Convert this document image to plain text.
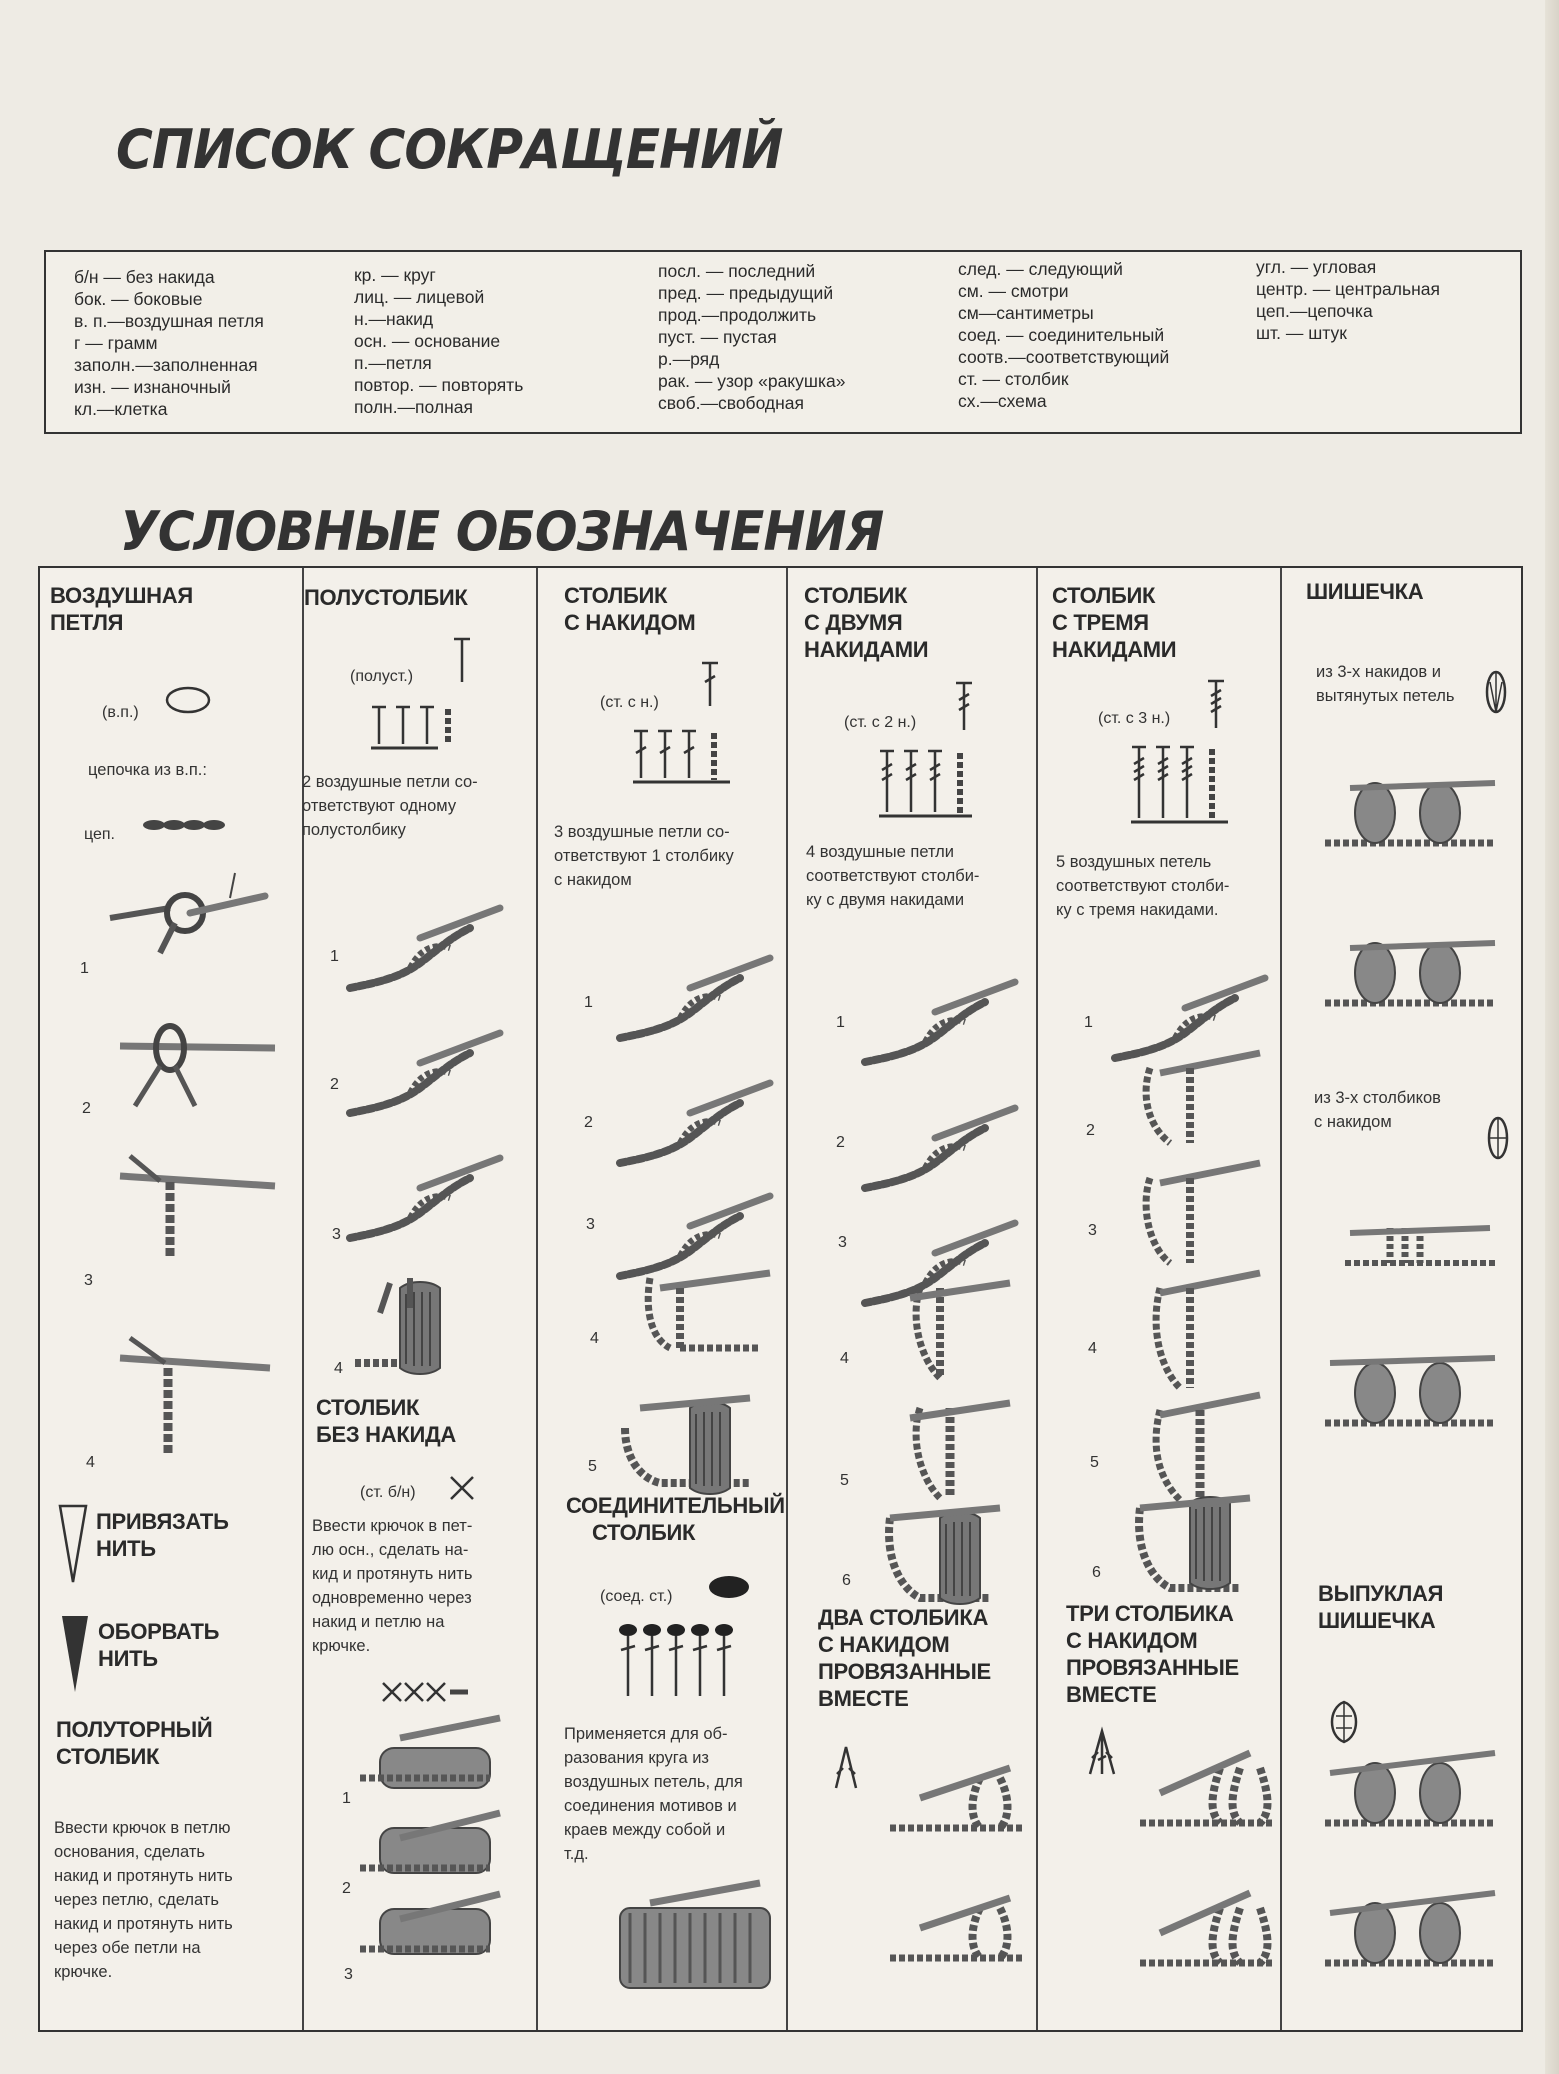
СПИСОК СОКРАЩЕНИЙ
б/н — без накида
бок. — боковые
в. п.—воздушная петля
г — грамм
заполн.—заполненная
изн. — изнаночный
кл.—клетка
кр. — круг
лиц. — лицевой
н.—накид
осн. — основание
п.—петля
повтор. — повторять
полн.—полная
посл. — последний
пред. — предыдущий
прод.—продолжить
пуст. — пустая
р.—ряд
рак. — узор «ракушка»
своб.—свободная
след. — следующий
см. — смотри
см—сантиметры
соед. — соединительный
соотв.—соответствующий
ст. — столбик
сх.—схема
угл. — угловая
центр. — центральная
цеп.—цепочка
шт. — штук
УСЛОВНЫЕ ОБОЗНАЧЕНИЯ
ВОЗДУШНАЯ
ПЕТЛЯ
(в.п.)
цепочка из в.п.:
цеп.
1
2
3
4
ПРИВЯЗАТЬ
НИТЬ
ОБОРВАТЬ
НИТЬ
ПОЛУТОРНЫЙ
СТОЛБИК
Ввести крючок в петлю
основания, сделать
накид и протянуть нить
через петлю, сделать
накид и протянуть нить
через обе петли на
крючке.
ПОЛУСТОЛБИК
(полуст.)
2 воздушные петли со-
ответствуют одному
полустолбику
1
2
3
4
СТОЛБИК
БЕЗ НАКИДА
(ст. б/н)
Ввести крючок в пет-
лю осн., сделать на-
кид и протянуть нить
одновременно через
накид и петлю на
крючке.
1
2
3
СТОЛБИК
С НАКИДОМ
(ст. с н.)
3 воздушные петли со-
ответствуют 1 столбику
с накидом
1
2
3
4
5
СОЕДИНИТЕЛЬНЫЙ
СТОЛБИК
(соед. ст.)
Применяется для об-
разования круга из
воздушных петель, для
соединения мотивов и
краев между собой и
т.д.
СТОЛБИК
С ДВУМЯ
НАКИДАМИ
(ст. с 2 н.)
4 воздушные петли
соответствуют столби-
ку с двумя накидами
1
2
3
4
5
6
ДВА СТОЛБИКА
С НАКИДОМ
ПРОВЯЗАННЫЕ
ВМЕСТЕ
СТОЛБИК
С ТРЕМЯ
НАКИДАМИ
(ст. с 3 н.)
5 воздушных петель
соответствуют столби-
ку с тремя накидами.
1
2
3
4
5
6
ТРИ СТОЛБИКА
С НАКИДОМ
ПРОВЯЗАННЫЕ
ВМЕСТЕ
ШИШЕЧКА
из 3-х накидов и
вытянутых петель
из 3-х столбиков
с накидом
ВЫПУКЛАЯ
ШИШЕЧКА
